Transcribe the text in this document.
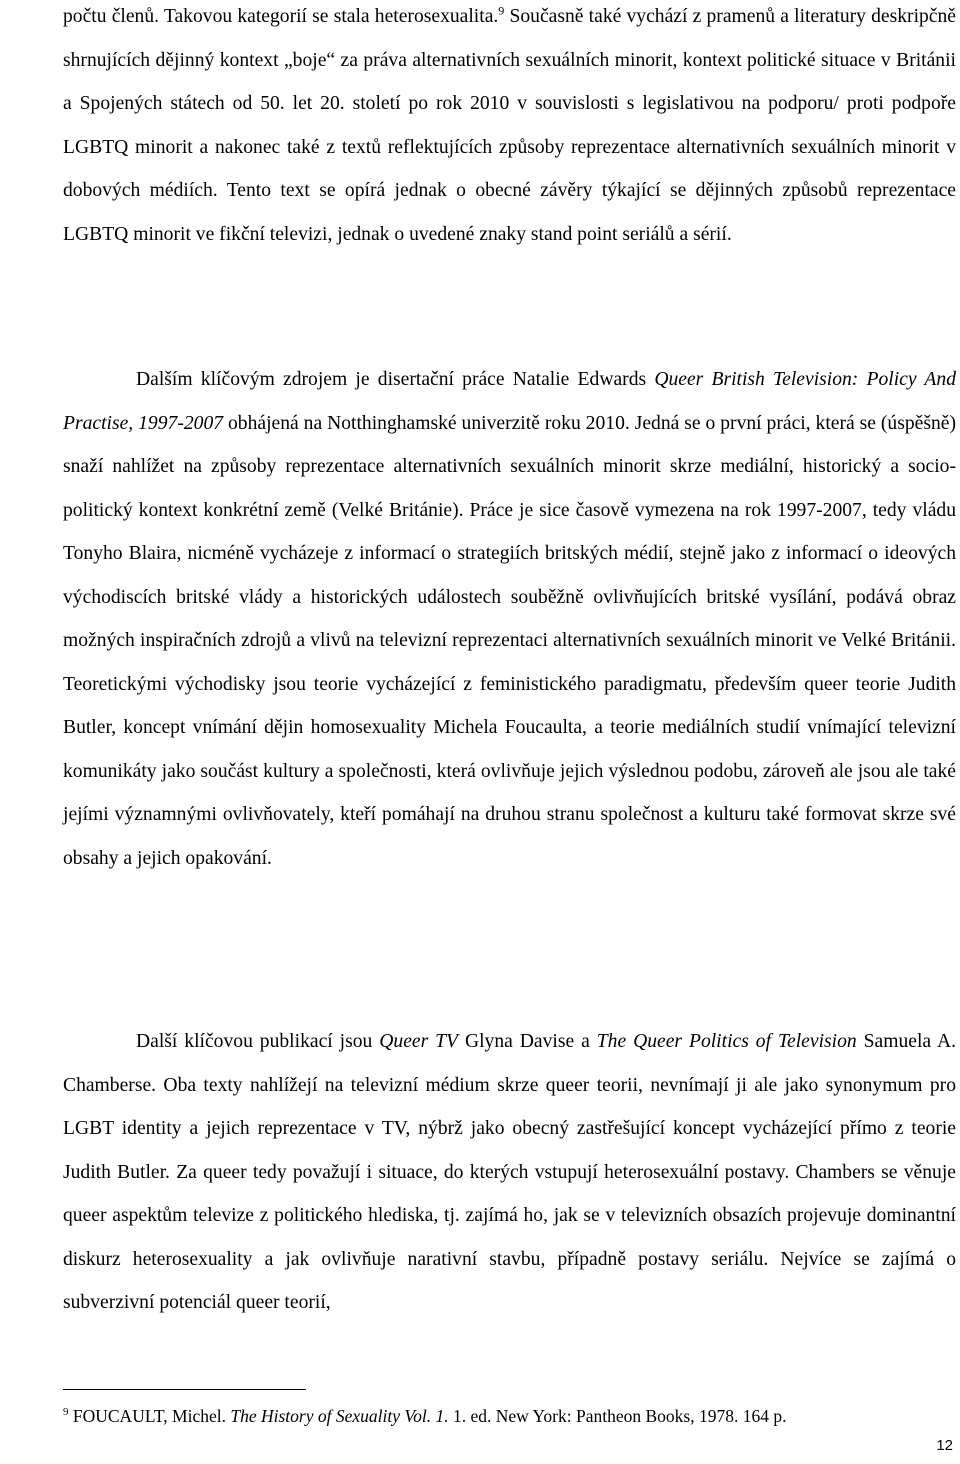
počtu členů. Takovou kategorií se stala heterosexualita.$^9$ Současně také vychází z pramenů a literatury deskripčně shrnujících dějinný kontext „boje“ za práva alternativních sexuálních minorit, kontext politické situace v Británii a Spojených státech od 50. let 20. století po rok 2010 v souvislosti s legislativou na podporu/ proti podpoře LGBTQ minorit a nakonec také z textů reflektujících způsoby reprezentace alternativních sexuálních minorit v dobových médiích. Tento text se opírá jednak o obecné závěry týkající se dějinných způsobů reprezentace LGBTQ minorit ve fikční televizi, jednak o uvedené znaky stand point seriálů a sérií.

Dalším klíčovým zdrojem je disertační práce Natalie Edwards Queer British Television: Policy And Practise, 1997-2007 obhájená na Notthinghamské univerzitě roku 2010. Jedná se o první práci, která se (úspěšně) snaží nahlížet na způsoby reprezentace alternativních sexuálních minorit skrze mediální, historický a socio-politický kontext konkrétní země (Velké Británie). Práce je sice časově vymezena na rok 1997-2007, tedy vládu Tonyho Blaira, nicméně vycházeje z informací o strategiích britských médií, stejně jako z informací o ideových východiscích britské vlády a historických událostech souběžně ovlivňujících britské vysílání, podává obraz možných inspiračních zdrojů a vlivů na televizní reprezentaci alternativních sexuálních minorit ve Velké Británii. Teoretickými východisky jsou teorie vycházející z feministického paradigmatu, především queer teorie Judith Butler, koncept vnímání dějin homosexuality Michela Foucaulta, a teorie mediálních studií vnímající televizní komunikáty jako součást kultury a společnosti, která ovlivňuje jejich výslednou podobu, zároveň ale jsou ale také jejími významnými ovlivňovately, kteří pomáhají na druhou stranu společnost a kulturu také formovat skrze své obsahy a jejich opakování.

Další klíčovou publikací jsou Queer TV Glyna Davise a The Queer Politics of Television Samuela A. Chamberse. Oba texty nahlížejí na televizní médium skrze queer teorii, nevnímají ji ale jako synonymum pro LGBT identity a jejich reprezentace v TV, nýbrž jako obecný zastřešující koncept vycházející přímo z teorie Judith Butler. Za queer tedy považují i situace, do kterých vstupují heterosexuální postavy. Chambers se věnuje queer aspektům televize z politického hlediska, tj. zajímá ho, jak se v televizních obsazích projevuje dominantní diskurz heterosexuality a jak ovlivňuje narativní stavbu, případně postavy seriálu. Nejvíce se zajímá o subverzivní potenciál queer teorií,

$^9$ FOUCAULT, Michel. The History of Sexuality Vol. 1. 1. ed. New York: Pantheon Books, 1978. 164 p.

12
